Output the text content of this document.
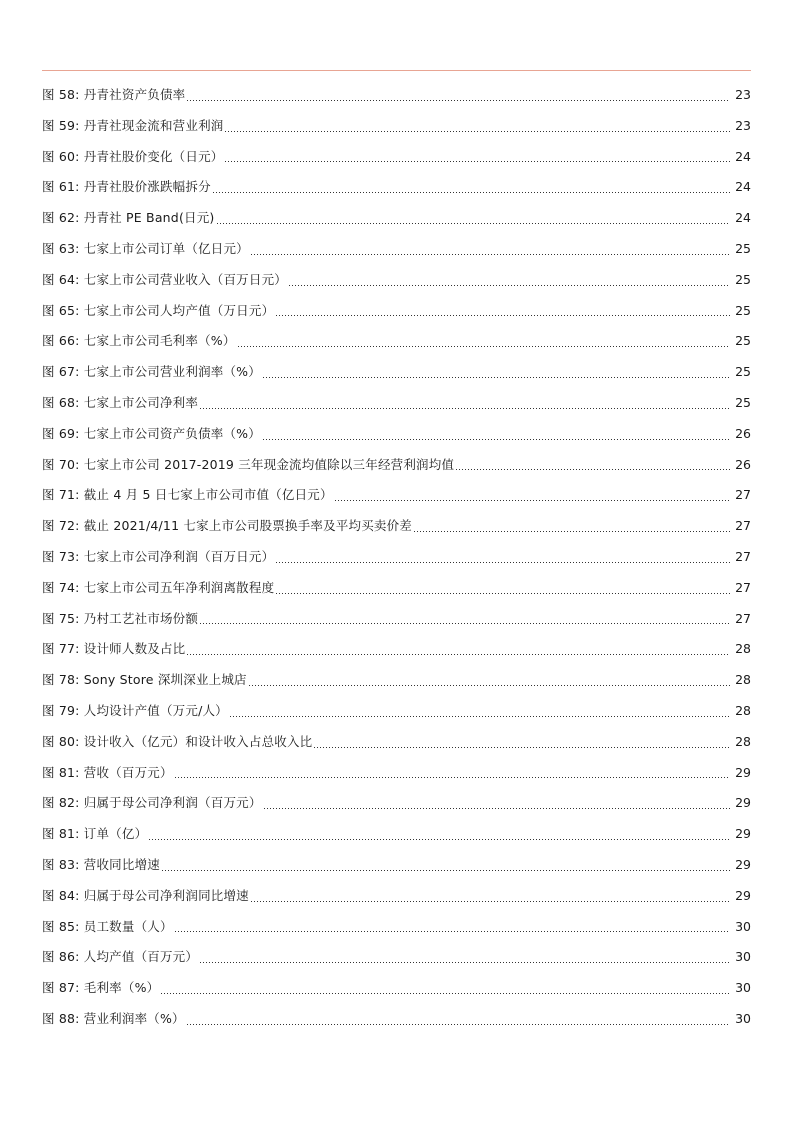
图 58: 丹青社资产负债率	23
图 59: 丹青社现金流和营业利润	23
图 60: 丹青社股价变化（日元）	24
图 61: 丹青社股价涨跌幅拆分	24
图 62: 丹青社 PE Band(日元)	24
图 63: 七家上市公司订单（亿日元）	25
图 64: 七家上市公司营业收入（百万日元）	25
图 65: 七家上市公司人均产值（万日元）	25
图 66: 七家上市公司毛利率（%）	25
图 67: 七家上市公司营业利润率（%）	25
图 68: 七家上市公司净利率	25
图 69: 七家上市公司资产负债率（%）	26
图 70: 七家上市公司 2017-2019 三年现金流均值除以三年经营利润均值	26
图 71: 截止 4 月 5 日七家上市公司市值（亿日元）	27
图 72: 截止 2021/4/11 七家上市公司股票换手率及平均买卖价差	27
图 73: 七家上市公司净利润（百万日元）	27
图 74: 七家上市公司五年净利润离散程度	27
图 75: 乃村工艺社市场份额	27
图 77: 设计师人数及占比	28
图 78: Sony Store 深圳深业上城店	28
图 79: 人均设计产值（万元/人）	28
图 80: 设计收入（亿元）和设计收入占总收入比	28
图 81: 营收（百万元）	29
图 82: 归属于母公司净利润（百万元）	29
图 81: 订单（亿）	29
图 83: 营收同比增速	29
图 84: 归属于母公司净利润同比增速	29
图 85: 员工数量（人）	30
图 86: 人均产值（百万元）	30
图 87: 毛利率（%）	30
图 88: 营业利润率（%）	30
